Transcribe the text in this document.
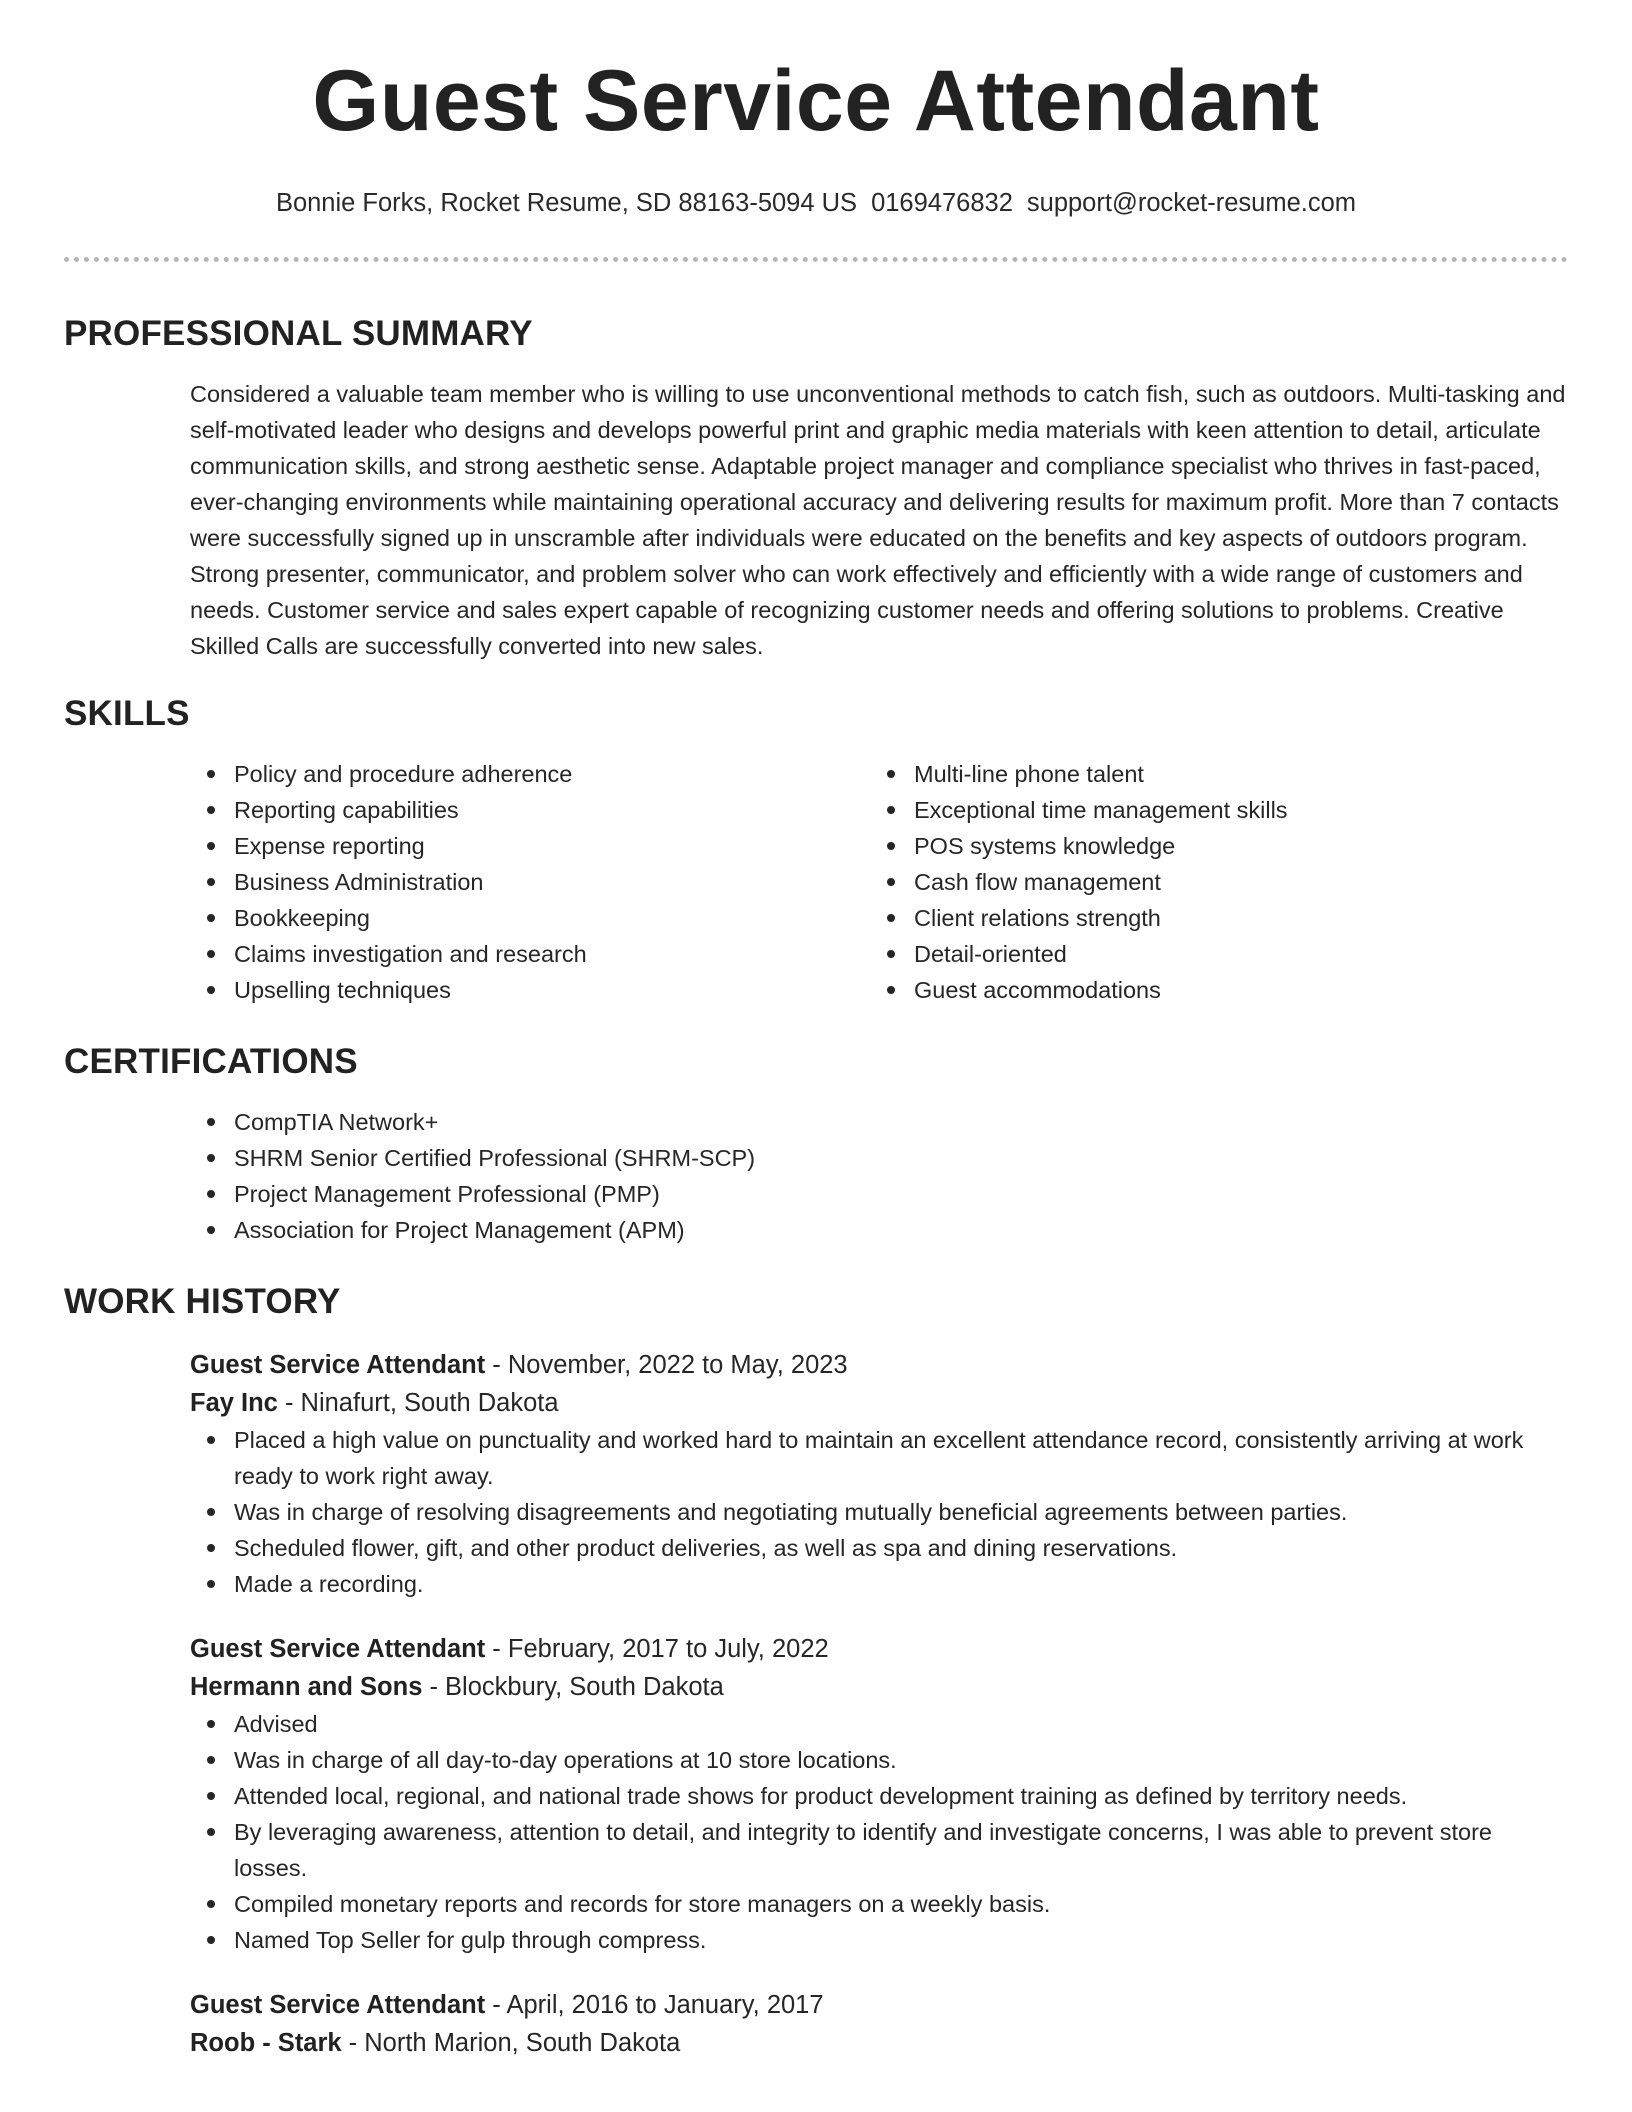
Guest Service Attendant
Bonnie Forks, Rocket Resume, SD 88163-5094 US 0169476832 support@rocket-resume.com
PROFESSIONAL SUMMARY
Considered a valuable team member who is willing to use unconventional methods to catch fish, such as outdoors. Multi-tasking and self-motivated leader who designs and develops powerful print and graphic media materials with keen attention to detail, articulate communication skills, and strong aesthetic sense. Adaptable project manager and compliance specialist who thrives in fast-paced, ever-changing environments while maintaining operational accuracy and delivering results for maximum profit. More than 7 contacts were successfully signed up in unscramble after individuals were educated on the benefits and key aspects of outdoors program. Strong presenter, communicator, and problem solver who can work effectively and efficiently with a wide range of customers and needs. Customer service and sales expert capable of recognizing customer needs and offering solutions to problems. Creative Skilled Calls are successfully converted into new sales.
SKILLS
Policy and procedure adherence
Reporting capabilities
Expense reporting
Business Administration
Bookkeeping
Claims investigation and research
Upselling techniques
Multi-line phone talent
Exceptional time management skills
POS systems knowledge
Cash flow management
Client relations strength
Detail-oriented
Guest accommodations
CERTIFICATIONS
CompTIA Network+
SHRM Senior Certified Professional (SHRM-SCP)
Project Management Professional (PMP)
Association for Project Management (APM)
WORK HISTORY
Guest Service Attendant - November, 2022 to May, 2023
Fay Inc - Ninafurt, South Dakota
Placed a high value on punctuality and worked hard to maintain an excellent attendance record, consistently arriving at work ready to work right away.
Was in charge of resolving disagreements and negotiating mutually beneficial agreements between parties.
Scheduled flower, gift, and other product deliveries, as well as spa and dining reservations.
Made a recording.
Guest Service Attendant - February, 2017 to July, 2022
Hermann and Sons - Blockbury, South Dakota
Advised
Was in charge of all day-to-day operations at 10 store locations.
Attended local, regional, and national trade shows for product development training as defined by territory needs.
By leveraging awareness, attention to detail, and integrity to identify and investigate concerns, I was able to prevent store losses.
Compiled monetary reports and records for store managers on a weekly basis.
Named Top Seller for gulp through compress.
Guest Service Attendant - April, 2016 to January, 2017
Roob - Stark - North Marion, South Dakota
